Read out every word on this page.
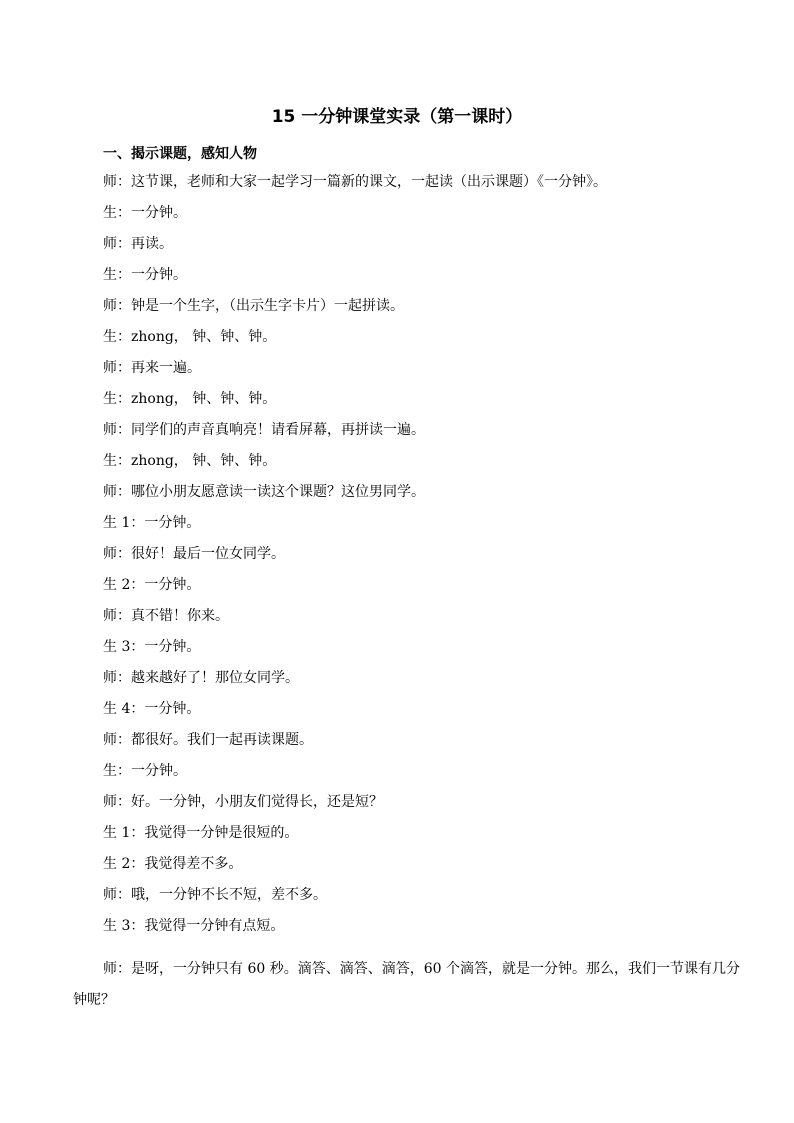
15 一分钟课堂实录（第一课时）
一、揭示课题，感知人物
师：这节课，老师和大家一起学习一篇新的课文，一起读（出示课题）《一分钟》。
生：一分钟。
师：再读。
生：一分钟。
师：钟是一个生字，（出示生字卡片）一起拼读。
生：zhong， 钟、钟、钟。
师：再来一遍。
生：zhong， 钟、钟、钟。
师：同学们的声音真响亮！请看屏幕，再拼读一遍。
生：zhong， 钟、钟、钟。
师：哪位小朋友愿意读一读这个课题？这位男同学。
生 1：一分钟。
师：很好！最后一位女同学。
生 2：一分钟。
师：真不错！你来。
生 3：一分钟。
师：越来越好了！那位女同学。
生 4：一分钟。
师：都很好。我们一起再读课题。
生：一分钟。
师：好。一分钟，小朋友们觉得长，还是短？
生 1：我觉得一分钟是很短的。
生 2：我觉得差不多。
师：哦，一分钟不长不短，差不多。
生 3：我觉得一分钟有点短。
师：是呀，一分钟只有 60 秒。滴答、滴答、滴答，60 个滴答，就是一分钟。那么，我们一节课有几分钟呢？
